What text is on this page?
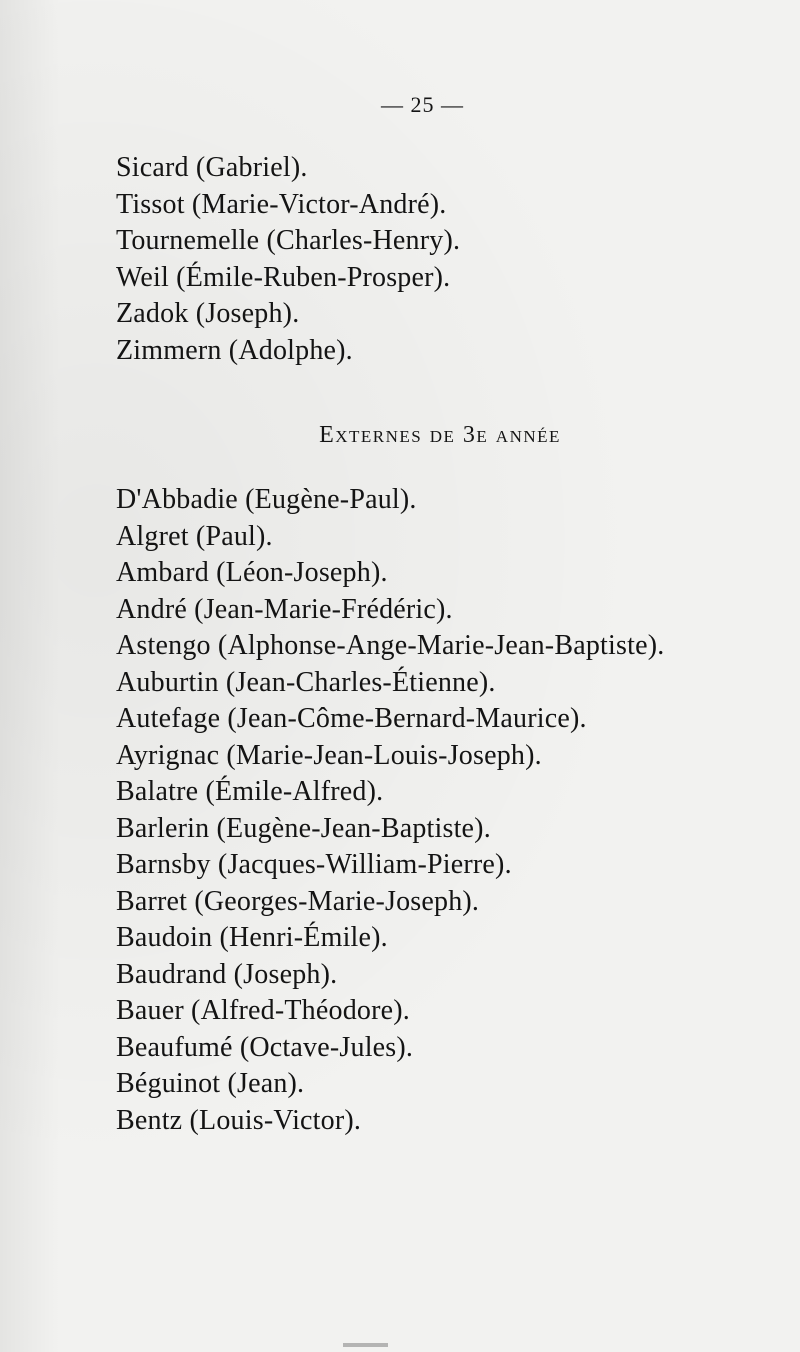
— 25 —
Sicard (Gabriel).
Tissot (Marie-Victor-André).
Tournemelle (Charles-Henry).
Weil (Émile-Ruben-Prosper).
Zadok (Joseph).
Zimmern (Adolphe).
Externes de 3e année
D'Abbadie (Eugène-Paul).
Algret (Paul).
Ambard (Léon-Joseph).
André (Jean-Marie-Frédéric).
Astengo (Alphonse-Ange-Marie-Jean-Baptiste).
Auburtin (Jean-Charles-Étienne).
Autefage (Jean-Côme-Bernard-Maurice).
Ayrignac (Marie-Jean-Louis-Joseph).
Balatre (Émile-Alfred).
Barlerin (Eugène-Jean-Baptiste).
Barnsby (Jacques-William-Pierre).
Barret (Georges-Marie-Joseph).
Baudoin (Henri-Émile).
Baudrand (Joseph).
Bauer (Alfred-Théodore).
Beaufumé (Octave-Jules).
Béguinot (Jean).
Bentz (Louis-Victor).
